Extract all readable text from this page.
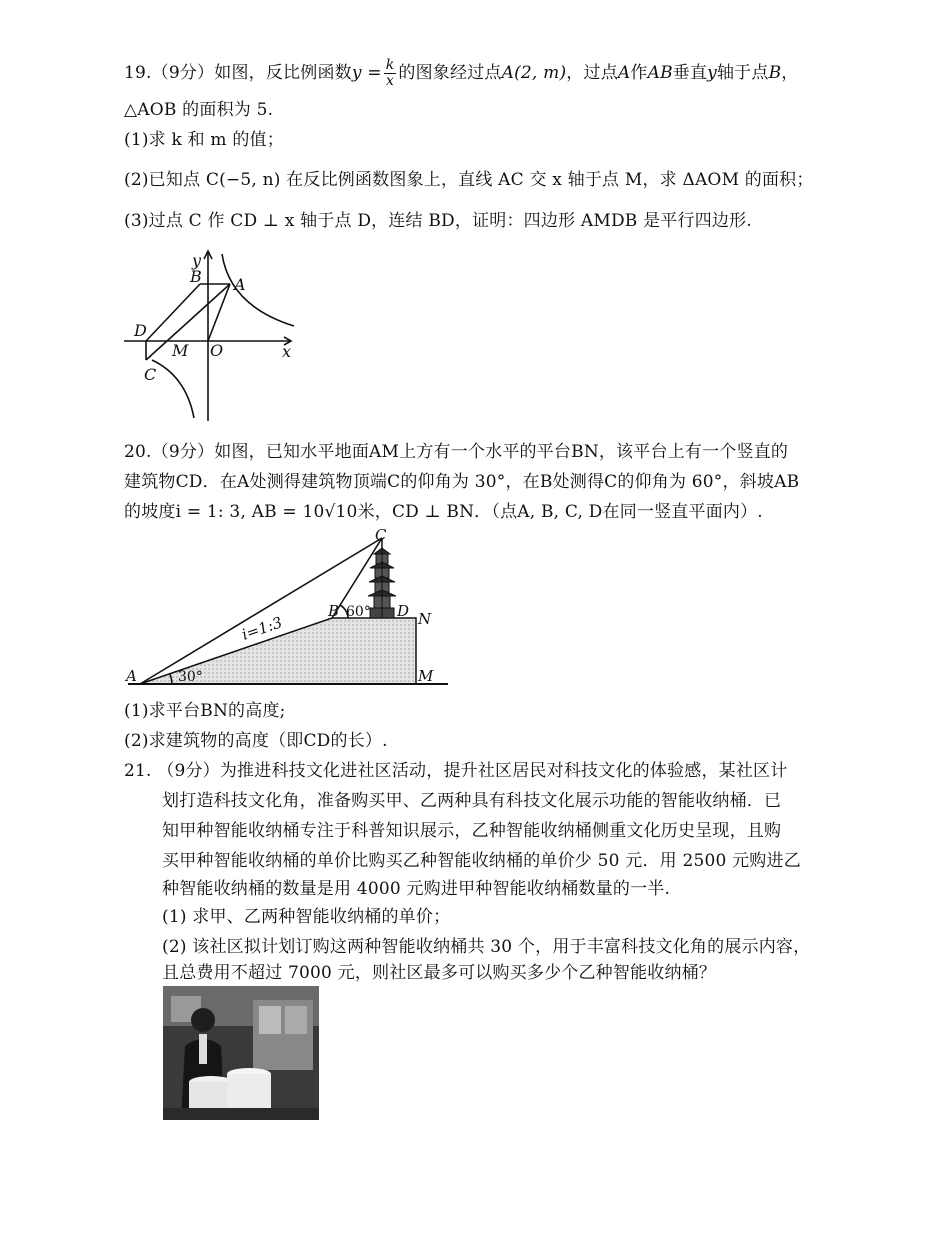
19.（9分）如图，反比例函数$y = \frac{k}{x}$ 的图象经过点A(2, m)，过点A作AB垂直y轴于点B，
△AOB 的面积为 5.
(1)求 k 和 m 的值；
(2)已知点 C(−5, n) 在反比例函数图象上，直线 AC 交 x 轴于点 M，求 ΔAOM 的面积；
(3)过点 C 作 CD ⊥ x 轴于点 D，连结 BD，证明：四边形 AMDB 是平行四边形.
y
B A
D
M O	x
C
20.（9分）如图，已知水平地面AM上方有一个水平的平台BN，该平台上有一个竖直的
建筑物CD．在A处测得建筑物顶端C的仰角为 30°，在B处测得C的仰角为 60°，斜坡AB
的坡度i = 1: 3, AB = 10√10米，CD ⊥ BN．（点A, B, C, D在同一竖直平面内）.
C
B	D N
A	M
i=1:3
30°
60°
(1)求平台BN的高度;
(2)求建筑物的高度（即CD的长）.
21. （9分）为推进科技文化进社区活动，提升社区居民对科技文化的体验感，某社区计
划打造科技文化角，准备购买甲、乙两种具有科技文化展示功能的智能收纳桶．已
知甲种智能收纳桶专注于科普知识展示，乙种智能收纳桶侧重文化历史呈现，且购
买甲种智能收纳桶的单价比购买乙种智能收纳桶的单价少 50 元．用 2500 元购进乙
种智能收纳桶的数量是用 4000 元购进甲种智能收纳桶数量的一半.
(1) 求甲、乙两种智能收纳桶的单价；
(2) 该社区拟计划订购这两种智能收纳桶共 30 个，用于丰富科技文化角的展示内容，
且总费用不超过 7000 元，则社区最多可以购买多少个乙种智能收纳桶？
